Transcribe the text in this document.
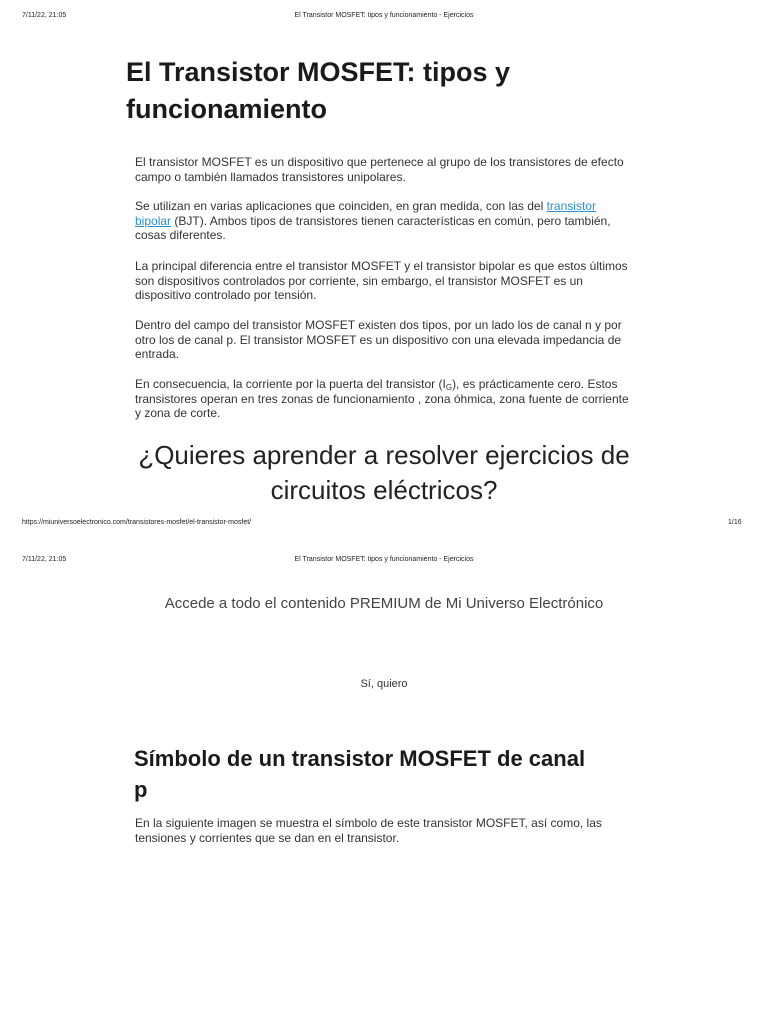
7/11/22, 21:05	El Transistor MOSFET: tipos y funcionamiento - Ejercicios
El Transistor MOSFET: tipos y funcionamiento

El transistor MOSFET es un dispositivo que pertenece al grupo de los transistores de efecto campo o también llamados transistores unipolares.

Se utilizan en varias aplicaciones que coinciden, en gran medida, con las del transistor bipolar (BJT). Ambos tipos de transistores tienen características en común, pero también, cosas diferentes.

La principal diferencia entre el transistor MOSFET y el transistor bipolar es que estos últimos son dispositivos controlados por corriente, sin embargo, el transistor MOSFET es un dispositivo controlado por tensión.

Dentro del campo del transistor MOSFET existen dos tipos, por un lado los de canal n y por otro los de canal p. El transistor MOSFET es un dispositivo con una elevada impedancia de entrada.

En consecuencia, la corriente por la puerta del transistor $(I_G)$, es prácticamente cero. Estos transistores operan en tres zonas de funcionamiento , zona óhmica, zona fuente de corriente y zona de corte.

¿Quieres aprender a resolver ejercicios de circuitos eléctricos?
https://miuniversoelectronico.com/transistores-mosfet/el-transistor-mosfet/	1/16
7/11/22, 21:05	El Transistor MOSFET: tipos y funcionamiento - Ejercicios
Accede a todo el contenido PREMIUM de Mi Universo Electrónico
Sí, quiero
Símbolo de un transistor MOSFET de canal p

En la siguiente imagen se muestra el símbolo de este transistor MOSFET, así como, las tensiones y corrientes que se dan en el transistor.
